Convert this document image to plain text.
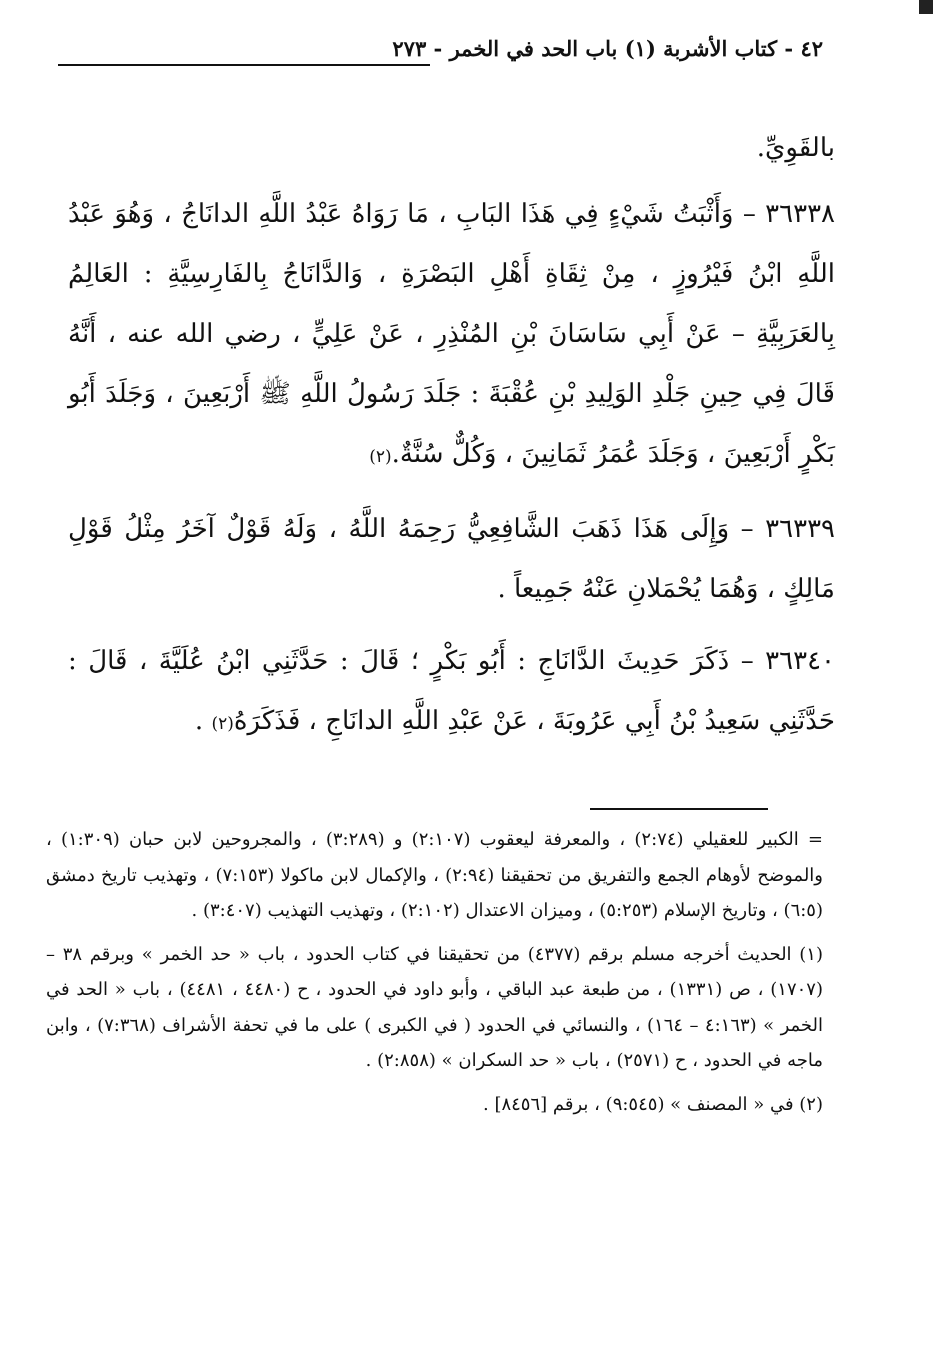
٤٢ - كتاب الأشربة (١) باب الحد في الخمر - ٢٧٣

بالقَوِيِّ.

٣٦٣٣٨ – وَأَثْبَتُ شَيْءٍ فِي هَذَا البَابِ ، مَا رَوَاهُ عَبْدُ اللَّهِ الدانَاجُ ، وَهُوَ عَبْدُ اللَّهِ ابْنُ فَيْرُوزٍ ، مِنْ ثِقَاةِ أَهْلِ البَصْرَةِ ، وَالدَّانَاجُ بِالفَارِسِيَّةِ : العَالِمُ بِالعَرَبِيَّةِ – عَنْ أَبِي سَاسَانَ بْنِ المُنْذِرِ ، عَنْ عَلِيٍّ ، رضي الله عنه ، أَنَّهُ قَالَ فِي حِينِ جَلْدِ الوَلِيدِ بْنِ عُقْبَةَ : جَلَدَ رَسُولُ اللَّهِ ﷺ أَرْبَعِينَ ، وَجَلَدَ أَبُو بَكْرٍ أَرْبَعِينَ ، وَجَلَدَ عُمَرُ ثَمَانِينَ ، وَكُلٌّ سُنَّةٌ.(٢)

٣٦٣٣٩ – وَإِلَى هَذَا ذَهَبَ الشَّافِعِيُّ رَحِمَهُ اللَّهُ ، وَلَهُ قَوْلٌ آخَرُ مِثْلُ قَوْلِ مَالِكٍ ، وَهُمَا يُحْمَلانِ عَنْهُ جَمِيعاً .

٣٦٣٤٠ – ذَكَرَ حَدِيثَ الدَّانَاجِ : أَبُو بَكْرٍ ؛ قَالَ : حَدَّثَنِي ابْنُ عُلَيَّةَ ، قَالَ : حَدَّثَنِي سَعِيدُ بْنُ أَبِي عَرُوبَةَ ، عَنْ عَبْدِ اللَّهِ الدانَاجِ ، فَذَكَرَهُ(٢) .

= الكبير للعقيلي (٢:٧٤) ، والمعرفة ليعقوب (٢:١٠٧) و (٣:٢٨٩) ، والمجروحين لابن حبان (١:٣٠٩) ، والموضح لأوهام الجمع والتفريق من تحقيقنا (٢:٩٤) ، والإكمال لابن ماكولا (٧:١٥٣) ، وتهذيب تاريخ دمشق (٦:٥) ، وتاريخ الإسلام (٥:٢٥٣) ، وميزان الاعتدال (٢:١٠٢) ، وتهذيب التهذيب (٣:٤٠٧) .

(١) الحديث أخرجه مسلم برقم (٤٣٧٧) من تحقيقنا في كتاب الحدود ، باب « حد الخمر » وبرقم ٣٨ – (١٧٠٧) ، ص (١٣٣١) ، من طبعة عبد الباقي ، وأبو داود في الحدود ، ح (٤٤٨٠ ، ٤٤٨١) ، باب « الحد في الخمر » (٤:١٦٣ – ١٦٤) ، والنسائي في الحدود ( في الكبرى ) على ما في تحفة الأشراف (٧:٣٦٨) ، وابن ماجه في الحدود ، ح (٢٥٧١) ، باب « حد السكران » (٢:٨٥٨) .

(٢) في « المصنف » (٩:٥٤٥) ، برقم [٨٤٥٦] .
